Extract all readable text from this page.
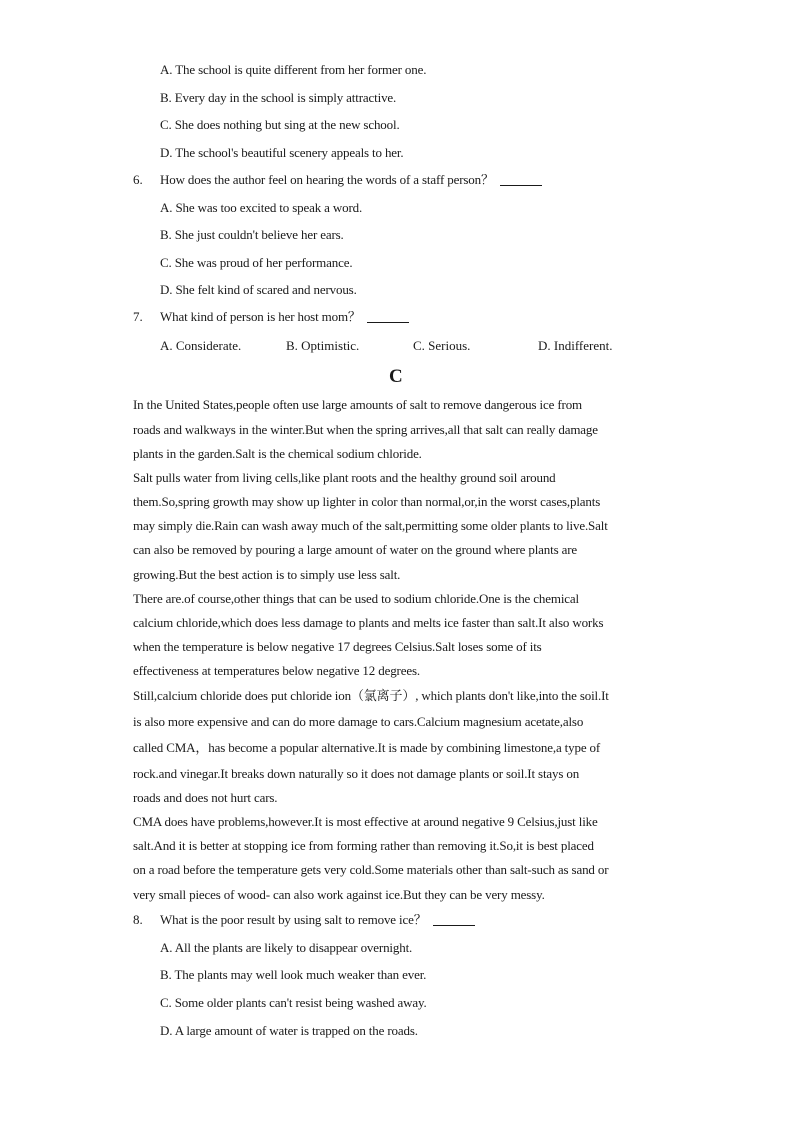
A. The school is quite different from her former one.
B. Every day in the school is simply attractive.
C. She does nothing but sing at the new school.
D. The school's beautiful scenery appeals to her.
6. How does the author feel on hearing the words of a staff person？
A. She was too excited to speak a word.
B. She just couldn't believe her ears.
C. She was proud of her performance.
D. She felt kind of scared and nervous.
7. What kind of person is her host mom？
A. Considerate.	B. Optimistic.	C. Serious.	D. Indifferent.
C
In the United States,people often use large amounts of salt to remove dangerous ice from
roads and walkways in the winter.But when the spring arrives,all that salt can really damage
plants in the garden.Salt is the chemical sodium chloride.
Salt pulls water from living cells,like plant roots and the healthy ground soil around
them.So,spring growth may show up lighter in color than normal,or,in the worst cases,plants
may simply die.Rain can wash away much of the salt,permitting some older plants to live.Salt
can also be removed by pouring a large amount of water on the ground where plants are
growing.But the best action is to simply use less salt.
There are.of course,other things that can be used to sodium chloride.One is the chemical
calcium chloride,which does less damage to plants and melts ice faster than salt.It also works
when the temperature is below negative 17 degrees Celsius.Salt loses some of its
effectiveness at temperatures below negative 12 degrees.
Still,calcium chloride does put chloride ion（氯离子）, which plants don't like,into the soil.It
is also more expensive and can do more damage to cars.Calcium magnesium acetate,also
called CMA，has become a popular alternative.It is made by combining limestone,a type of
rock.and vinegar.It breaks down naturally so it does not damage plants or soil.It stays on
roads and does not hurt cars.
CMA does have problems,however.It is most effective at around negative 9 Celsius,just like
salt.And it is better at stopping ice from forming rather than removing it.So,it is best placed
on a road before the temperature gets very cold.Some materials other than salt-such as sand or
very small pieces of wood- can also work against ice.But they can be very messy.
8. What is the poor result by using salt to remove ice？
A. All the plants are likely to disappear overnight.
B. The plants may well look much weaker than ever.
C. Some older plants can't resist being washed away.
D. A large amount of water is trapped on the roads.
